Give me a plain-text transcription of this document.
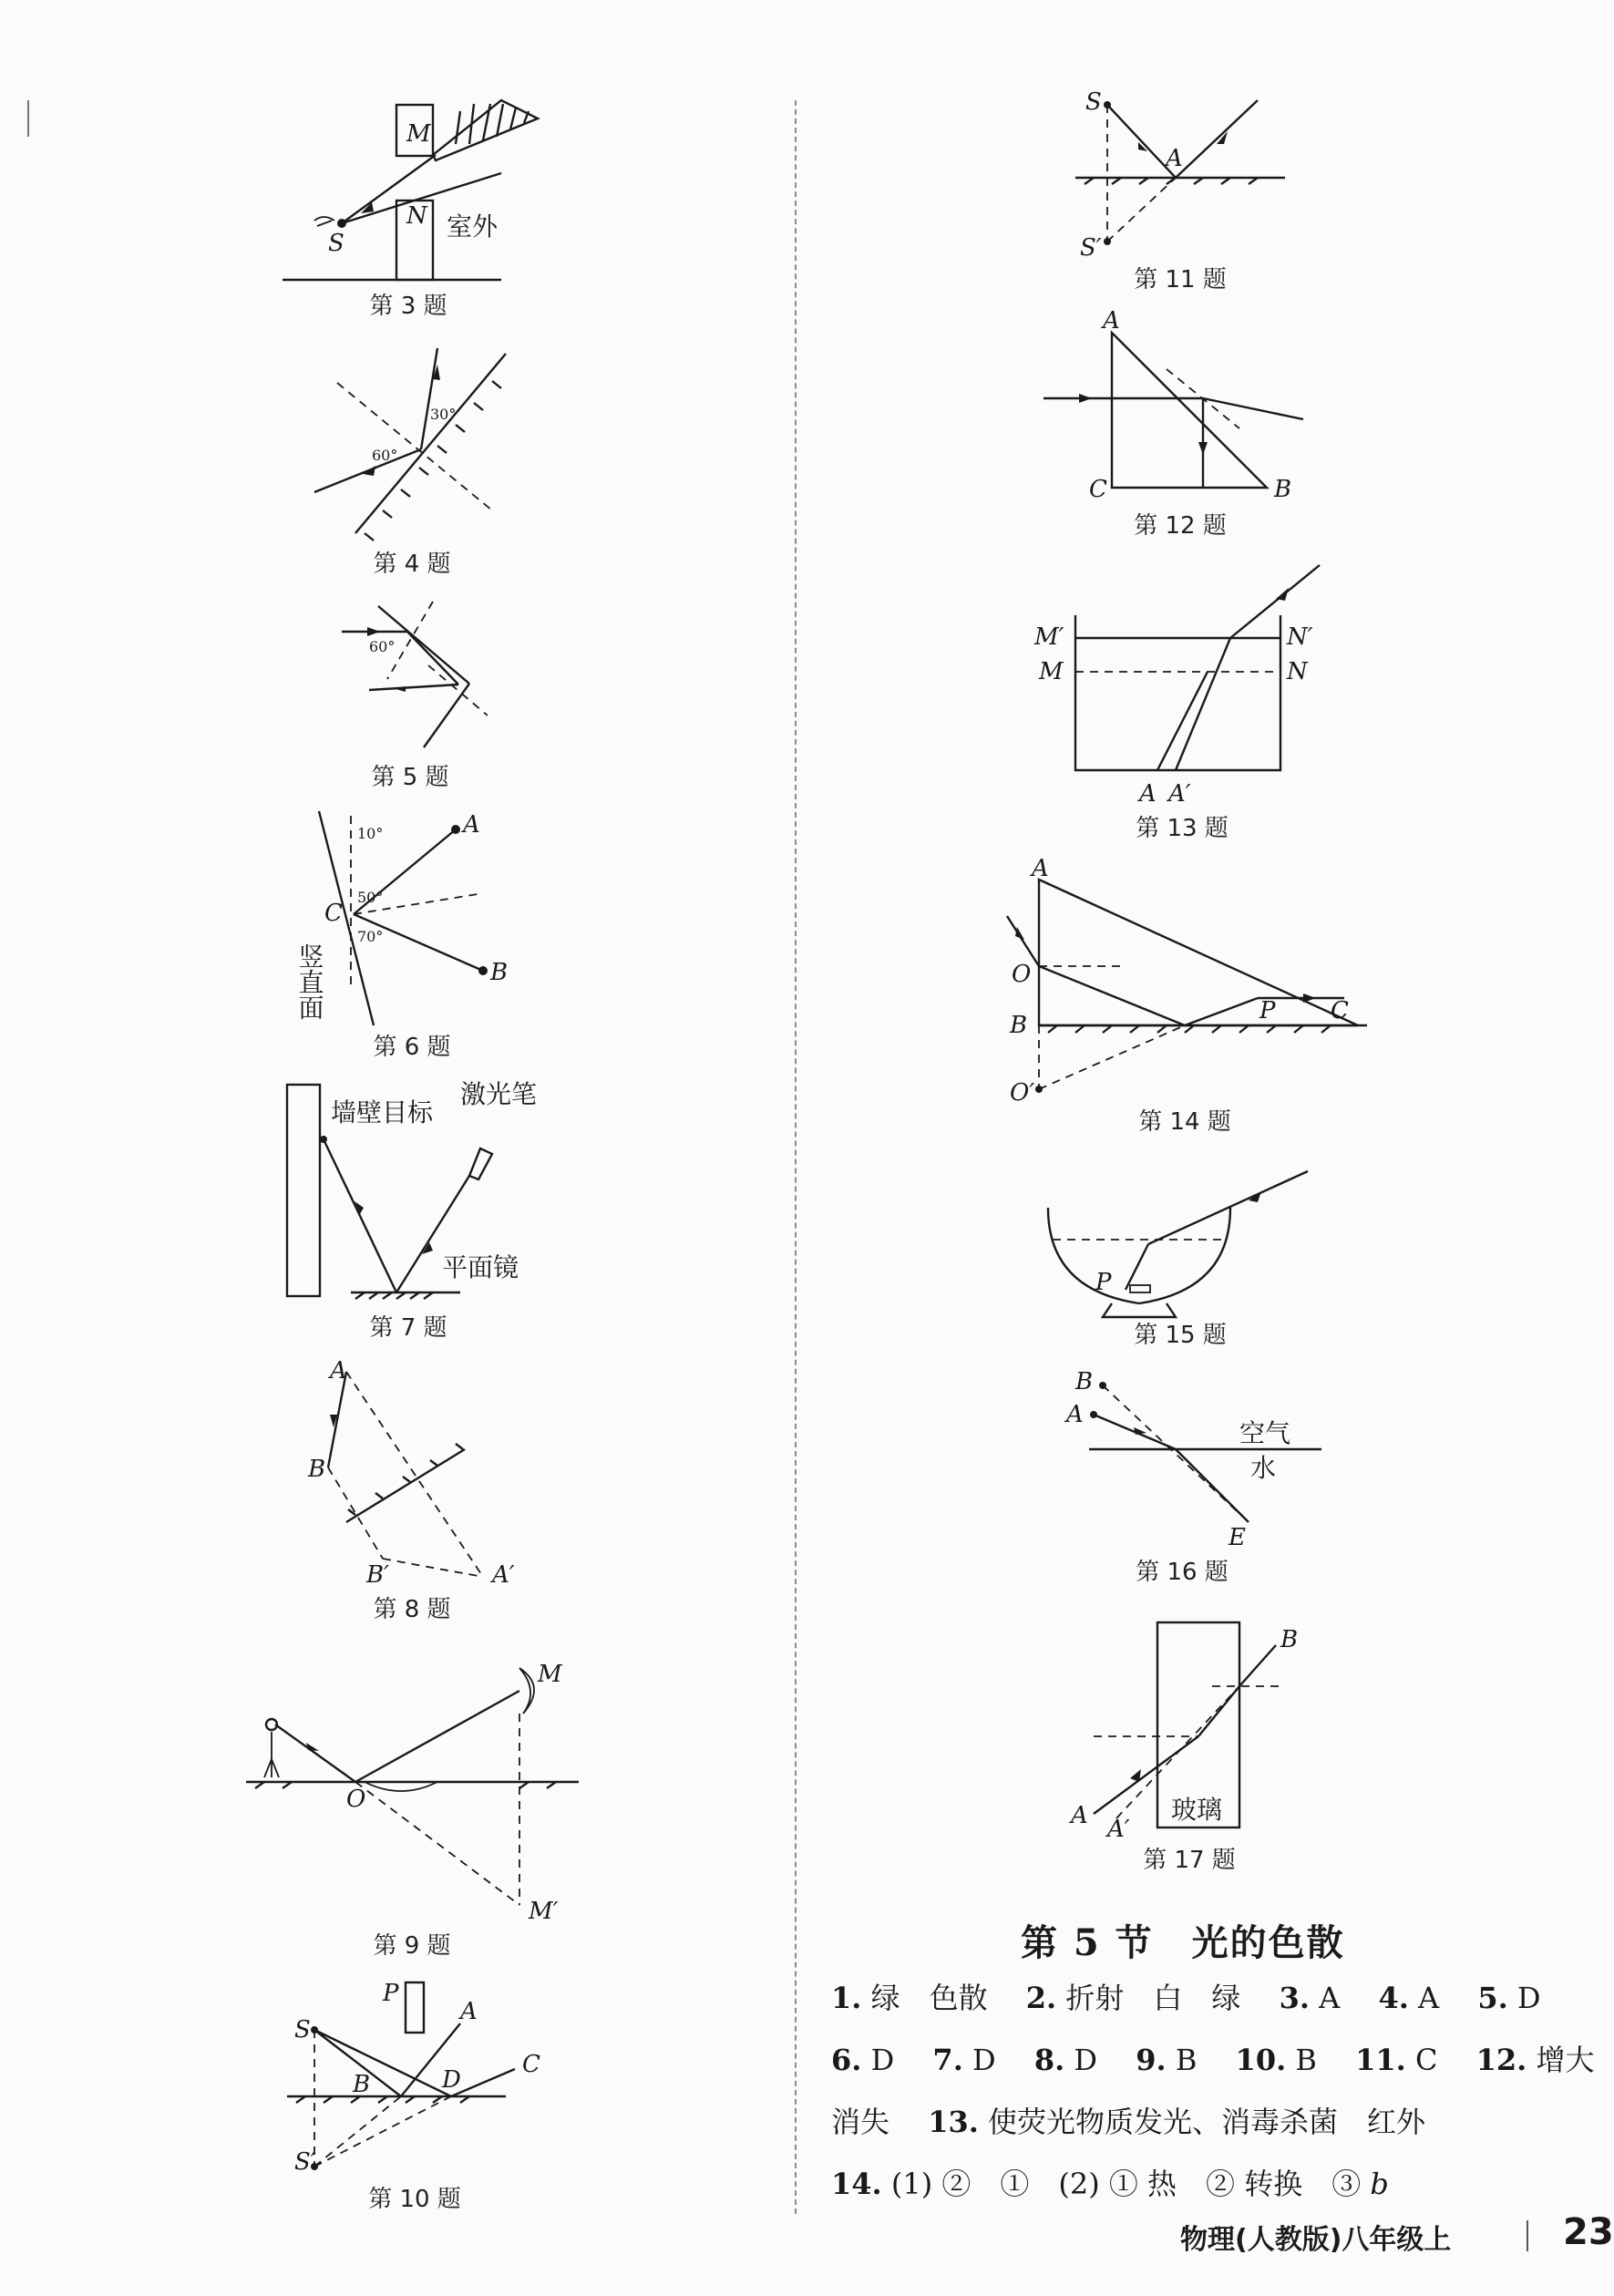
M
N
S
室外
第 3 题
30°
60°
第 4 题
60°
第 5 题
A
B
C
10°
50°
70°
竖直面
第 6 题
墙壁目标
激光笔
平面镜
第 7 题
A
B
B′	A′
第 8 题
M
O
M′
第 9 题
P
A
S
B	D
C
S′
第 10 题
S
A
S′
第 11 题
A
C	B
第 12 题
M′
M
N′
N
A A′
第 13 题
A
O
B
P C
O′
第 14 题
P
第 15 题
B
A
空气
水
E
第 16 题
B
A A′
玻璃
第 17 题
第 5 节　光的色散
1. 绿　色散　 2. 折射　白　绿　 3. A　 4. A　 5. D
6. D　 7. D　 8. D　 9. B　 10. B　 11. C　 12. 增大
消失　 13. 使荧光物质发光、消毒杀菌　红外
14. (1) ②　①　(2) ① 热　② 转换　③ b
物理(人教版)八年级上	23
